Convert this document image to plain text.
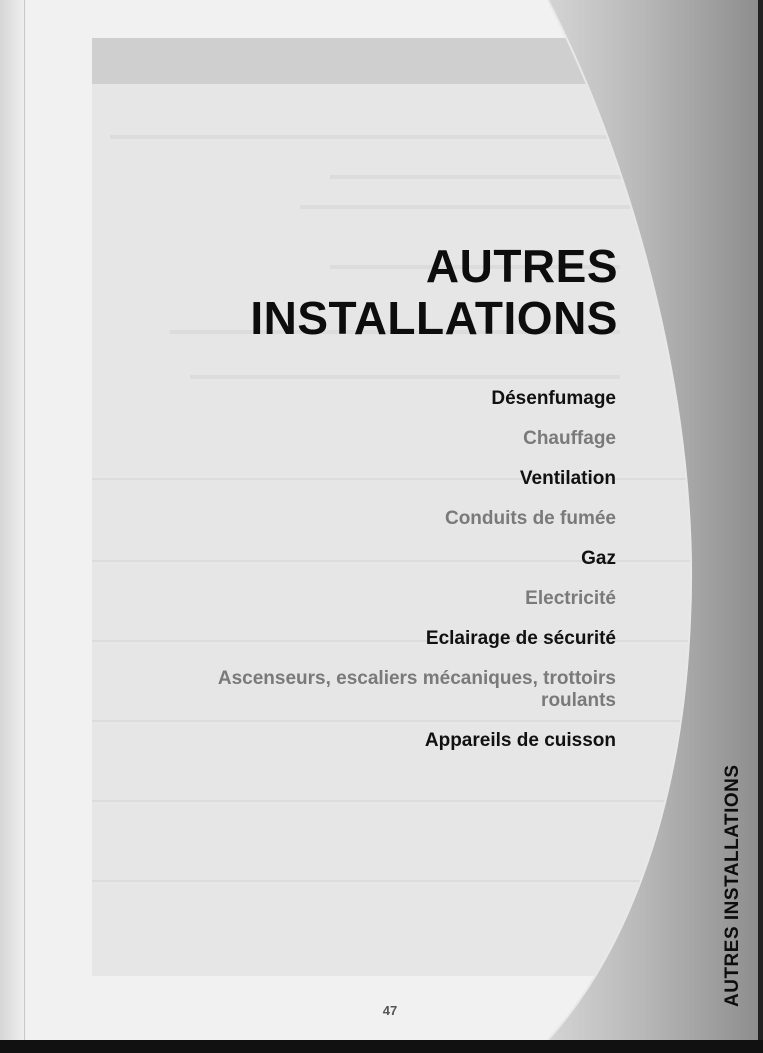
AUTRES
INSTALLATIONS
Désenfumage
Chauffage
Ventilation
Conduits de fumée
Gaz
Electricité
Eclairage de sécurité
Ascenseurs, escaliers mécaniques, trottoirs roulants
Appareils de cuisson
47
AUTRES INSTALLATIONS
